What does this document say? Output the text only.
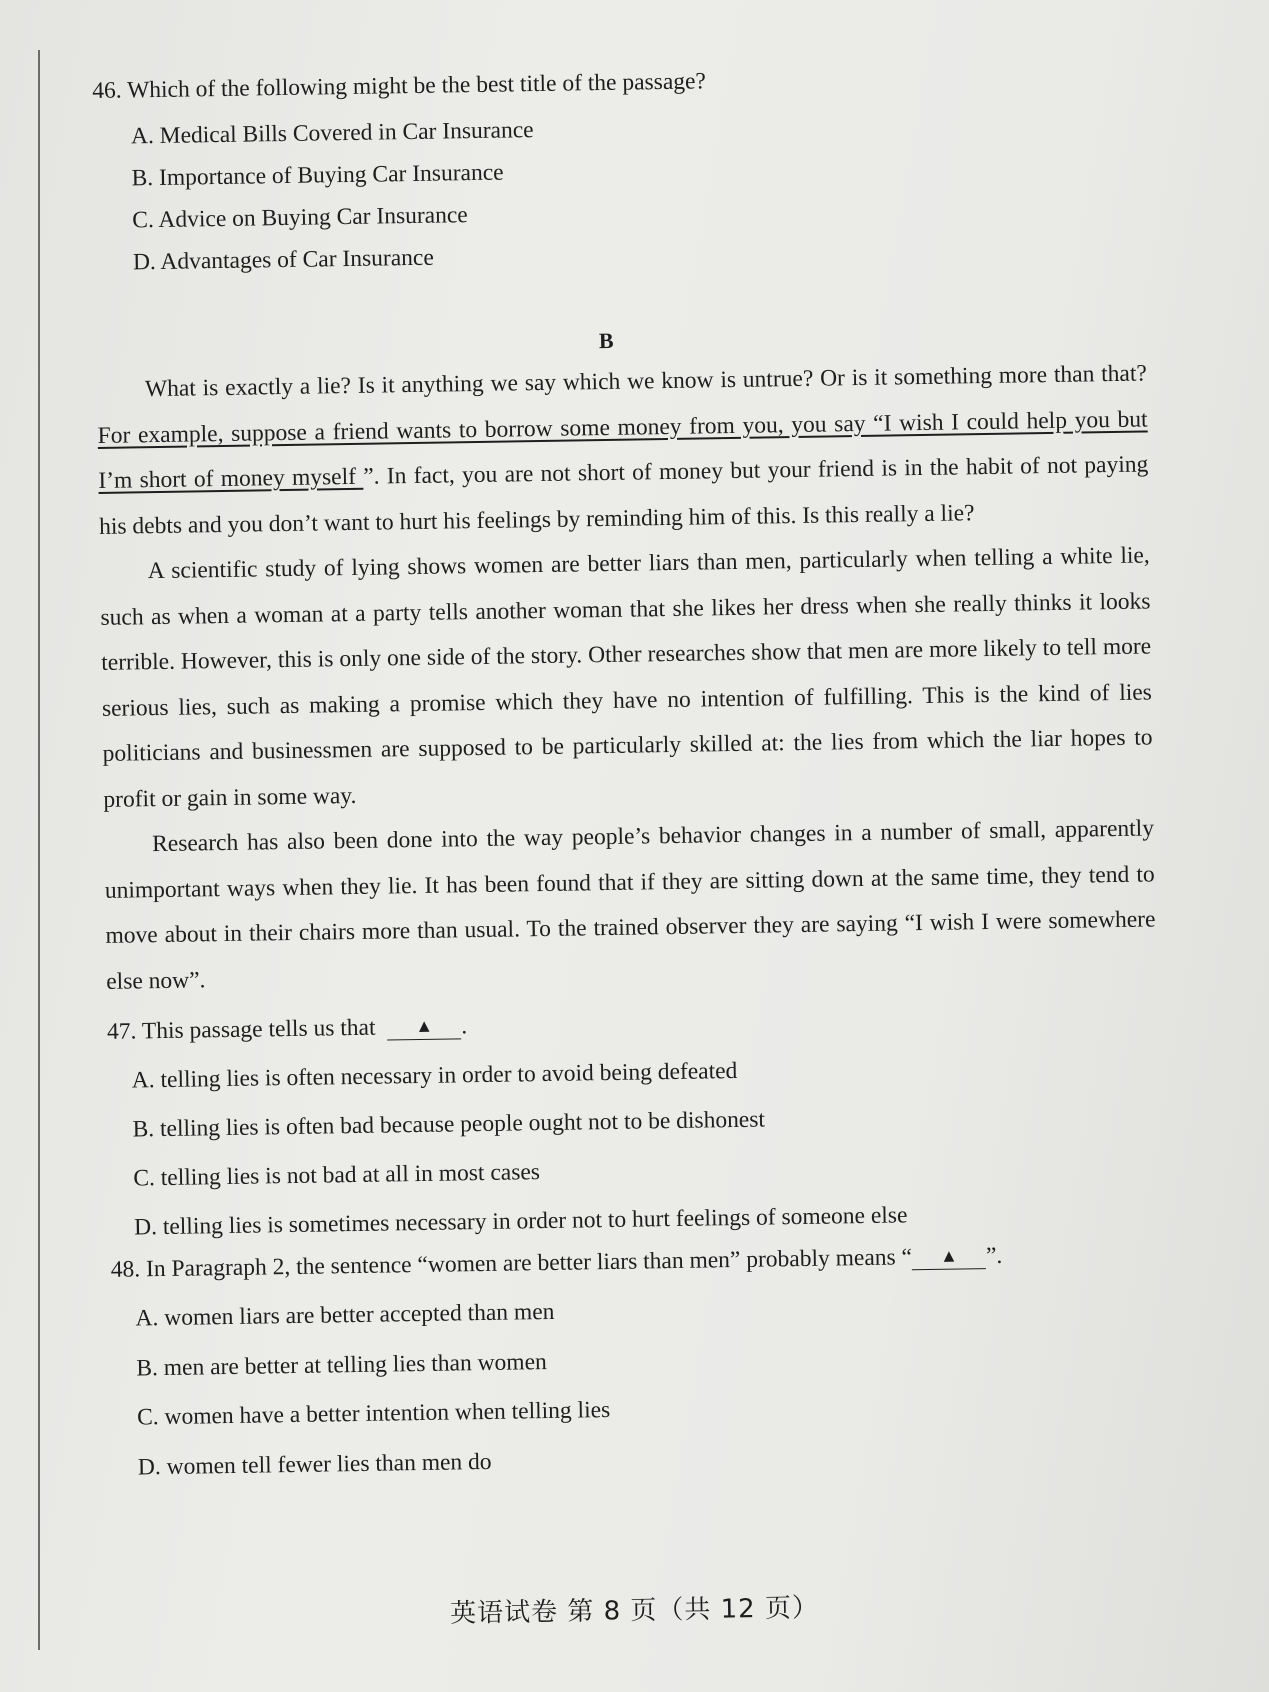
46. Which of the following might be the best title of the passage?

A. Medical Bills Covered in Car Insurance
B. Importance of Buying Car Insurance
C. Advice on Buying Car Insurance
D. Advantages of Car Insurance
B

What is exactly a lie? Is it anything we say which we know is untrue? Or is it something more than that? For example, suppose a friend wants to borrow some money from you, you say “I wish I could help you but I’m short of money myself ”. In fact, you are not short of money but your friend is in the habit of not paying his debts and you don’t want to hurt his feelings by reminding him of this. Is this really a lie?

A scientific study of lying shows women are better liars than men, particularly when telling a white lie, such as when a woman at a party tells another woman that she likes her dress when she really thinks it looks terrible. However, this is only one side of the story. Other researches show that men are more likely to tell more serious lies, such as making a promise which they have no intention of fulfilling. This is the kind of lies politicians and businessmen are supposed to be particularly skilled at: the lies from which the liar hopes to profit or gain in some way.

Research has also been done into the way people’s behavior changes in a number of small, apparently unimportant ways when they lie. It has been found that if they are sitting down at the same time, they tend to move about in their chairs more than usual. To the trained observer they are saying “I wish I were somewhere else now”.

47. This passage tells us that ▲ .

A. telling lies is often necessary in order to avoid being defeated
B. telling lies is often bad because people ought not to be dishonest
C. telling lies is not bad at all in most cases
D. telling lies is sometimes necessary in order not to hurt feelings of someone else

48. In Paragraph 2, the sentence “women are better liars than men” probably means “ ▲ ”.

A. women liars are better accepted than men
B. men are better at telling lies than women
C. women have a better intention when telling lies
D. women tell fewer lies than men do
英语试卷 第 8 页（共 12 页）
